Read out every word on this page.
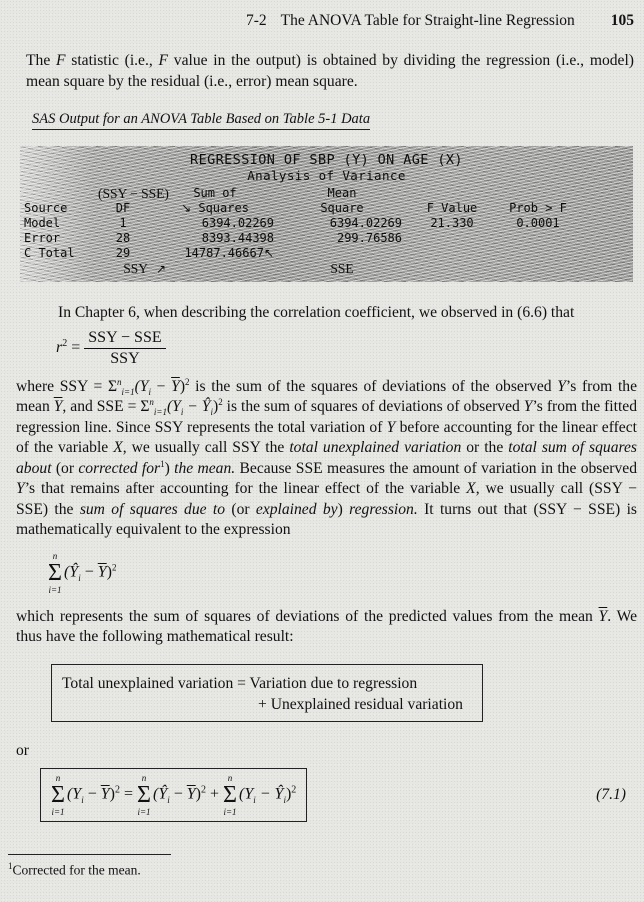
7-2 The ANOVA Table for Straight-line Regression 105
The F statistic (i.e., F value in the output) is obtained by dividing the regression (i.e., model) mean square by the residual (i.e., error) mean square.
SAS Output for an ANOVA Table Based on Table 5-1 Data
REGRESSION OF SBP (Y) ON AGE (X)
Analysis of Variance
(SSY − SSE)	Sum of	Mean
Source	DF	↘ Squares	Square	F Value	Prob > F
Model	1	6394.02269	6394.02269	21.330	0.0001
Error	28	8393.44398	299.76586
C Total	29	14787.46667↖
SSY ↗	SSE
In Chapter 6, when describing the correlation coefficient, we observed in (6.6) that
$r^2 = \frac{\text{SSY − SSE}}{\text{SSY}}$
where SSY = $\Sigma^n_{i=1}(Y_i - \overline{Y})^2$ is the sum of the squares of deviations of the observed Y’s from the mean $\overline{Y}$, and SSE = $\Sigma^n_{i=1}(Y_i$ − $Ŷ_i)^2$ is the sum of squares of deviations of observed Y’s from the fitted regression line. Since SSY represents the total variation of Y before accounting for the linear effect of the variable X, we usually call SSY the total unexplained variation or the total sum of squares about (or corrected for$^1$) the mean. Because SSE measures the amount of variation in the observed Y’s that remains after accounting for the linear effect of the variable X, we usually call (SSY − SSE) the sum of squares due to (or explained by) regression. It turns out that (SSY − SSE) is mathematically equivalent to the expression
n
Σ
i=1
$(Ŷ_i - \overline{Y})^2$
which represents the sum of squares of deviations of the predicted values from the mean $\overline{Y}$. We thus have the following mathematical result:
Total unexplained variation = Variation due to regression
+ Unexplained residual variation
or
n
Σ
i=1
$(Y_i - \overline{Y})^2$ =
n
Σ
i=1
$(Ŷ_i - \overline{Y})^2$ +
n
Σ
i=1
($Y_i$ − $Ŷ_i)^2$	(7.1)
$^1$Corrected for the mean.
